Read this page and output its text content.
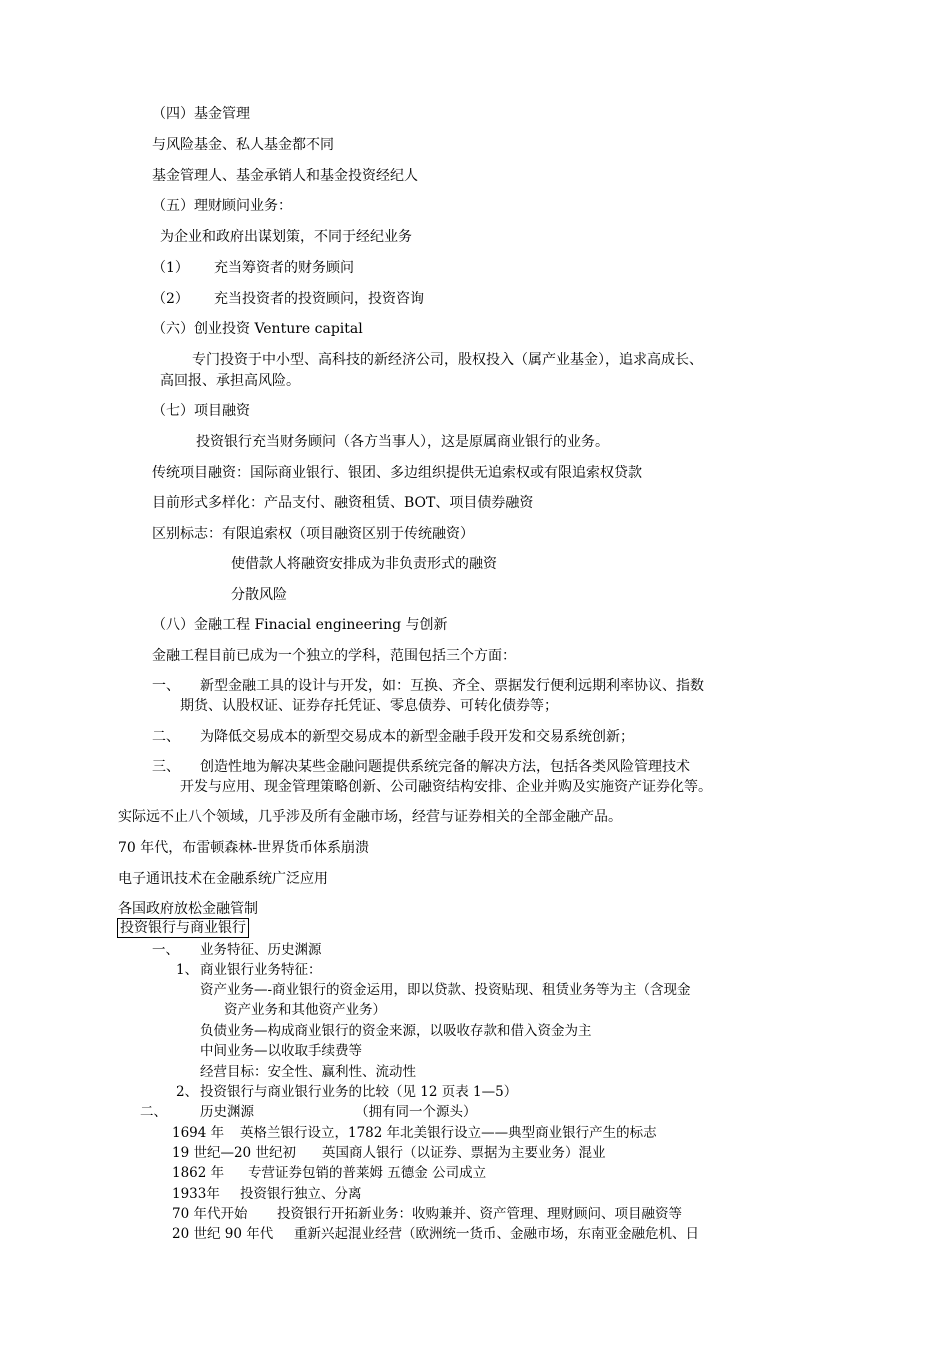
（四）基金管理
与风险基金、私人基金都不同
基金管理人、基金承销人和基金投资经纪人
（五）理财顾问业务：
为企业和政府出谋划策，不同于经纪业务
（1） 充当筹资者的财务顾问
（2） 充当投资者的投资顾问，投资咨询
（六）创业投资 Venture capital
专门投资于中小型、高科技的新经济公司，股权投入（属产业基金），追求高成长、
高回报、承担高风险。
（七）项目融资
投资银行充当财务顾问（各方当事人），这是原属商业银行的业务。
传统项目融资：国际商业银行、银团、多边组织提供无追索权或有限追索权贷款
目前形式多样化：产品支付、融资租赁、BOT、项目债券融资
区别标志：有限追索权（项目融资区别于传统融资）
使借款人将融资安排成为非负责形式的融资
分散风险
（八）金融工程 Finacial engineering 与创新
金融工程目前已成为一个独立的学科，范围包括三个方面：
一、 新型金融工具的设计与开发，如：互换、齐全、票据发行便利远期利率协议、指数
期货、认股权证、证券存托凭证、零息债券、可转化债券等；
二、 为降低交易成本的新型交易成本的新型金融手段开发和交易系统创新；
三、 创造性地为解决某些金融问题提供系统完备的解决方法，包括各类风险管理技术
开发与应用、现金管理策略创新、公司融资结构安排、企业并购及实施资产证券化等。
实际远不止八个领域，几乎涉及所有金融市场，经营与证券相关的全部金融产品。
70 年代，布雷顿森林-世界货币体系崩溃
电子通讯技术在金融系统广泛应用
各国政府放松金融管制
投资银行与商业银行
一、 业务特征、历史渊源
1、 商业银行业务特征：
资产业务—-商业银行的资金运用，即以贷款、投资贴现、租赁业务等为主（含现金
资产业务和其他资产业务）
负债业务—构成商业银行的资金来源，以吸收存款和借入资金为主
中间业务—以收取手续费等
经营目标：安全性、赢利性、流动性
2、 投资银行与商业银行业务的比较（见 12 页表 1—5）
二、 历史渊源	（拥有同一个源头）
1694 年 英格兰银行设立，1782 年北美银行设立——典型商业银行产生的标志
19 世纪—20 世纪初 英国商人银行（以证券、票据为主要业务）混业
1862 年 专营证券包销的普莱姆 五德金 公司成立
1933年 投资银行独立、分离
70 年代开始 投资银行开拓新业务：收购兼并、资产管理、理财顾问、项目融资等
20 世纪 90 年代 重新兴起混业经营（欧洲统一货币、金融市场，东南亚金融危机、日
